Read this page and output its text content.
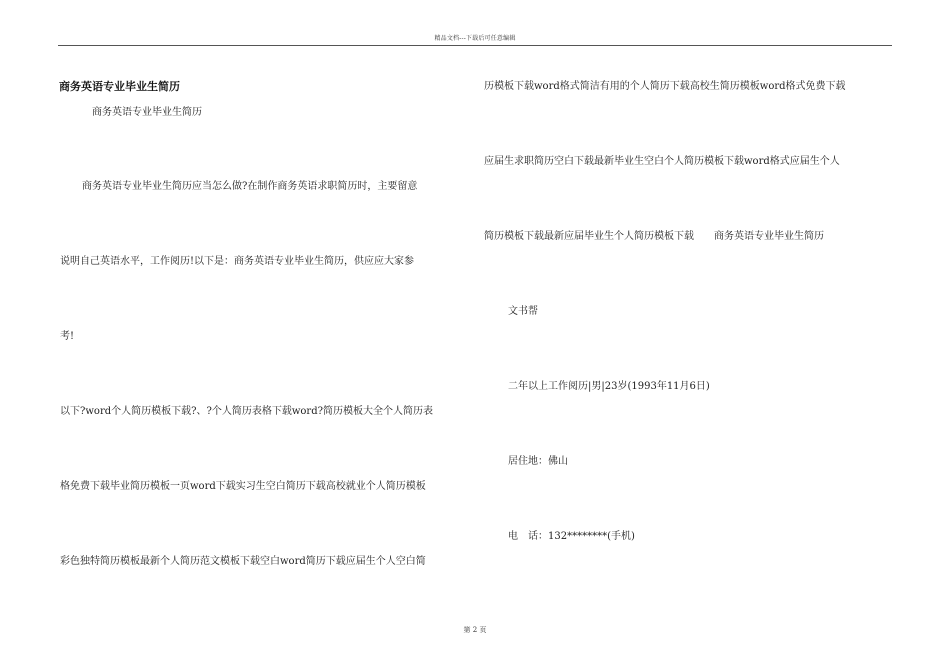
精品文档---下载后可任意编辑
商务英语专业毕业生简历
商务英语专业毕业生简历
商务英语专业毕业生简历应当怎么做?在制作商务英语求职简历时，主要留意
说明自己英语水平，工作阅历!以下是：商务英语专业毕业生简历，供应应大家参
考!
以下?word个人简历模板下载?、?个人简历表格下载word?简历模板大全个人简历表
格免费下载毕业简历模板一页word下载实习生空白简历下载高校就业个人简历模板
彩色独特简历模板最新个人简历范文模板下载空白word简历下载应届生个人空白简
历模板下载word格式简洁有用的个人简历下载高校生简历模板word格式免费下载
应届生求职简历空白下载最新毕业生空白个人简历模板下载word格式应届生个人
简历模板下载最新应届毕业生个人简历模板下载　　商务英语专业毕业生简历
文书帮
二年以上工作阅历|男|23岁(1993年11月6日)
居住地：佛山
电　话：132********(手机)
第 2 页
